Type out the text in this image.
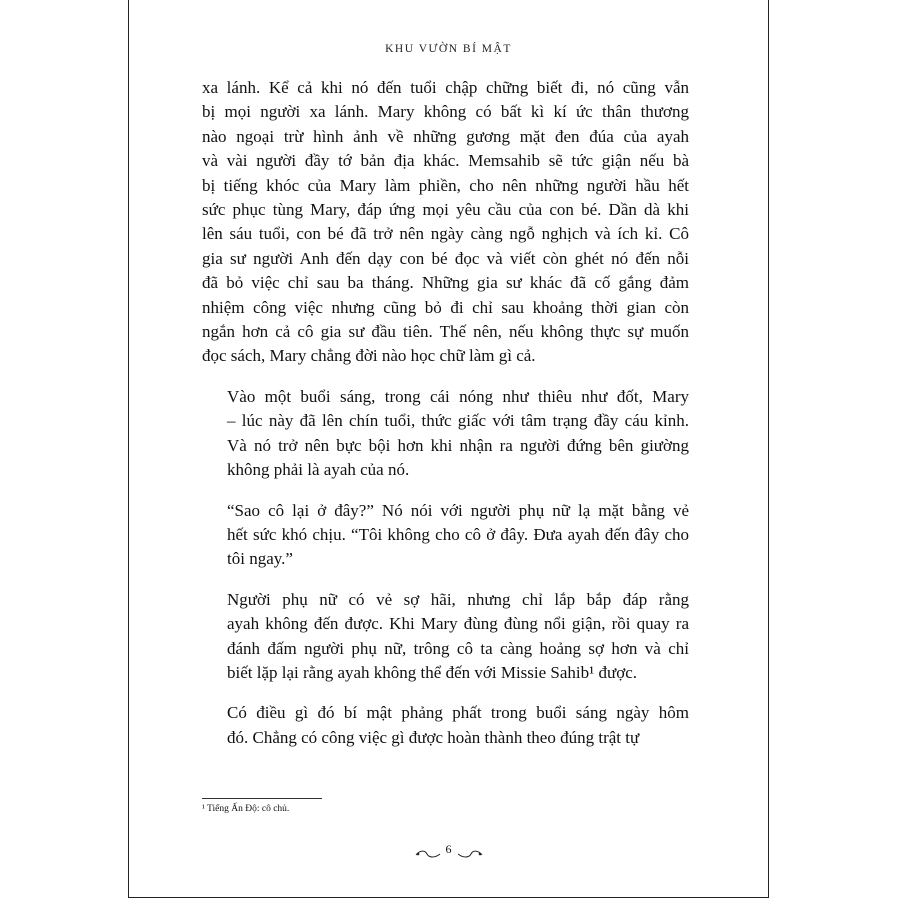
KHU VƯỜN BÍ MẬT

xa lánh. Kể cả khi nó đến tuổi chập chững biết đi, nó cũng vẫn
bị mọi người xa lánh. Mary không có bất kì kí ức thân thương
nào ngoại trừ hình ảnh về những gương mặt đen đúa của ayah
và vài người đầy tớ bản địa khác. Memsahib sẽ tức giận nếu bà
bị tiếng khóc của Mary làm phiền, cho nên những người hầu hết
sức phục tùng Mary, đáp ứng mọi yêu cầu của con bé. Dần dà khi
lên sáu tuổi, con bé đã trở nên ngày càng ngỗ nghịch và ích kỉ. Cô
gia sư người Anh đến dạy con bé đọc và viết còn ghét nó đến nỗi
đã bỏ việc chỉ sau ba tháng. Những gia sư khác đã cố gắng đảm
nhiệm công việc nhưng cũng bỏ đi chỉ sau khoảng thời gian còn
ngắn hơn cả cô gia sư đầu tiên. Thế nên, nếu không thực sự muốn
đọc sách, Mary chẳng đời nào học chữ làm gì cả.

Vào một buổi sáng, trong cái nóng như thiêu như đốt, Mary
– lúc này đã lên chín tuổi, thức giấc với tâm trạng đầy cáu kỉnh.
Và nó trở nên bực bội hơn khi nhận ra người đứng bên giường
không phải là ayah của nó.

“Sao cô lại ở đây?” Nó nói với người phụ nữ lạ mặt bằng vẻ
hết sức khó chịu. “Tôi không cho cô ở đây. Đưa ayah đến đây cho
tôi ngay.”

Người phụ nữ có vẻ sợ hãi, nhưng chỉ lắp bắp đáp rằng
ayah không đến được. Khi Mary đùng đùng nổi giận, rồi quay ra
đánh đấm người phụ nữ, trông cô ta càng hoảng sợ hơn và chỉ
biết lặp lại rằng ayah không thể đến với Missie Sahib¹ được.

Có điều gì đó bí mật phảng phất trong buổi sáng ngày hôm
đó. Chẳng có công việc gì được hoàn thành theo đúng trật tự

¹ Tiếng Ấn Độ: cô chủ.
6
